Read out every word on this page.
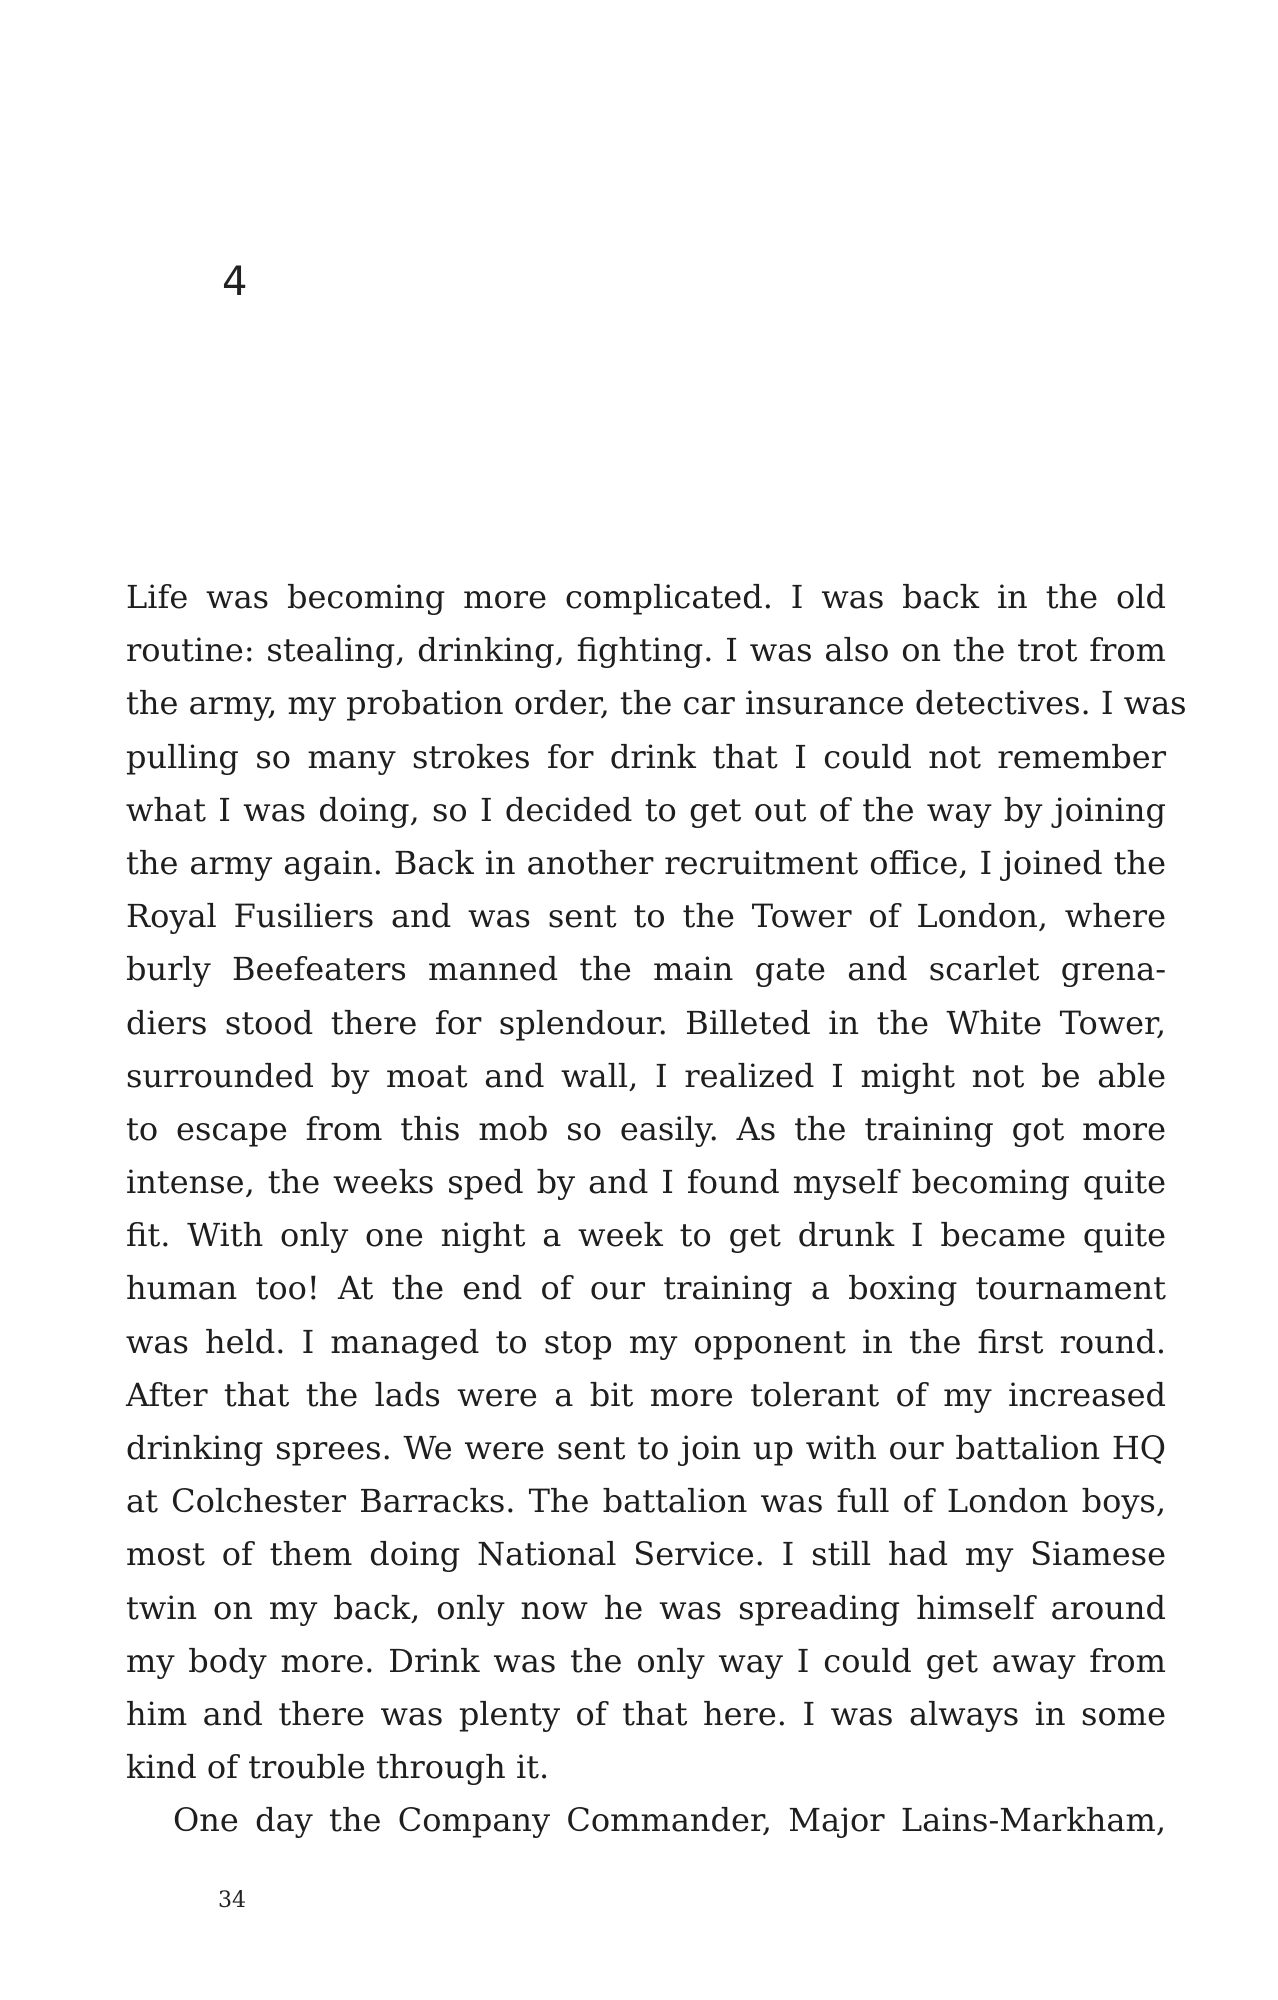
4
Life was becoming more complicated. I was back in the old
routine: stealing, drinking, fighting. I was also on the trot from
the army, my probation order, the car insurance detectives. I was
pulling so many strokes for drink that I could not remember
what I was doing, so I decided to get out of the way by joining
the army again. Back in another recruitment office, I joined the
Royal Fusiliers and was sent to the Tower of London, where
burly Beefeaters manned the main gate and scarlet grena-
diers stood there for splendour. Billeted in the White Tower,
surrounded by moat and wall, I realized I might not be able
to escape from this mob so easily. As the training got more
intense, the weeks sped by and I found myself becoming quite
fit. With only one night a week to get drunk I became quite
human too! At the end of our training a boxing tournament
was held. I managed to stop my opponent in the first round.
After that the lads were a bit more tolerant of my increased
drinking sprees. We were sent to join up with our battalion HQ
at Colchester Barracks. The battalion was full of London boys,
most of them doing National Service. I still had my Siamese
twin on my back, only now he was spreading himself around
my body more. Drink was the only way I could get away from
him and there was plenty of that here. I was always in some
kind of trouble through it.
One day the Company Commander, Major Lains-Markham,
34
